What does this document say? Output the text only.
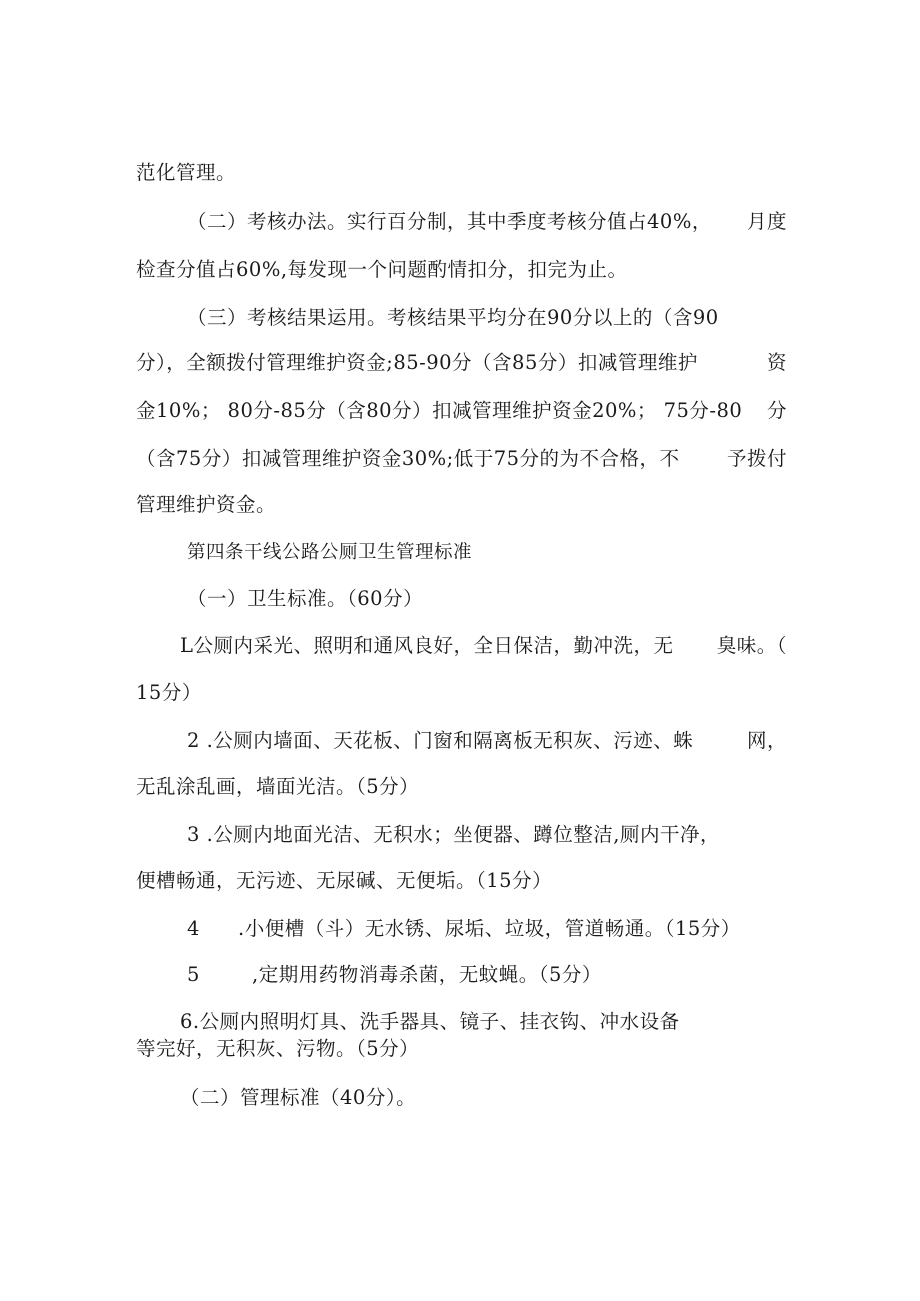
范化管理。

（二）考核办法。实行百分制，其中季度考核分值占40%， 月度

检查分值占60%,每发现一个问题酌情扣分，扣完为止。

（三）考核结果运用。考核结果平均分在90分以上的（含90

分），全额拨付管理维护资金;85-90分（含85分）扣减管理维护	资
金10%； 80分-85分（含80分）扣减管理维护资金20%； 75分-80 分
（含75分）扣减管理维护资金30%;低于75分的为不合格，不 予拨付

管理维护资金。

第四条干线公路公厕卫生管理标准

（一）卫生标准。（60分）

L公厕内采光、照明和通风良好，全日保洁，勤冲洗，无 臭味。（

15分）

2 .公厕内墙面、天花板、门窗和隔离板无积灰、污迹、蛛	网，

无乱涂乱画，墙面光洁。（5分）

3 .公厕内地面光洁、无积水；坐便器、蹲位整洁,厕内干净，

便槽畅通，无污迹、无尿碱、无便垢。（15分）

4 .小便槽（斗）无水锈、尿垢、垃圾，管道畅通。（15分）

5	,定期用药物消毒杀菌，无蚊蝇。（5分）

6.公厕内照明灯具、洗手器具、镜子、挂衣钩、冲水设备

等完好，无积灰、污物。（5分）

（二）管理标准（40分）。
